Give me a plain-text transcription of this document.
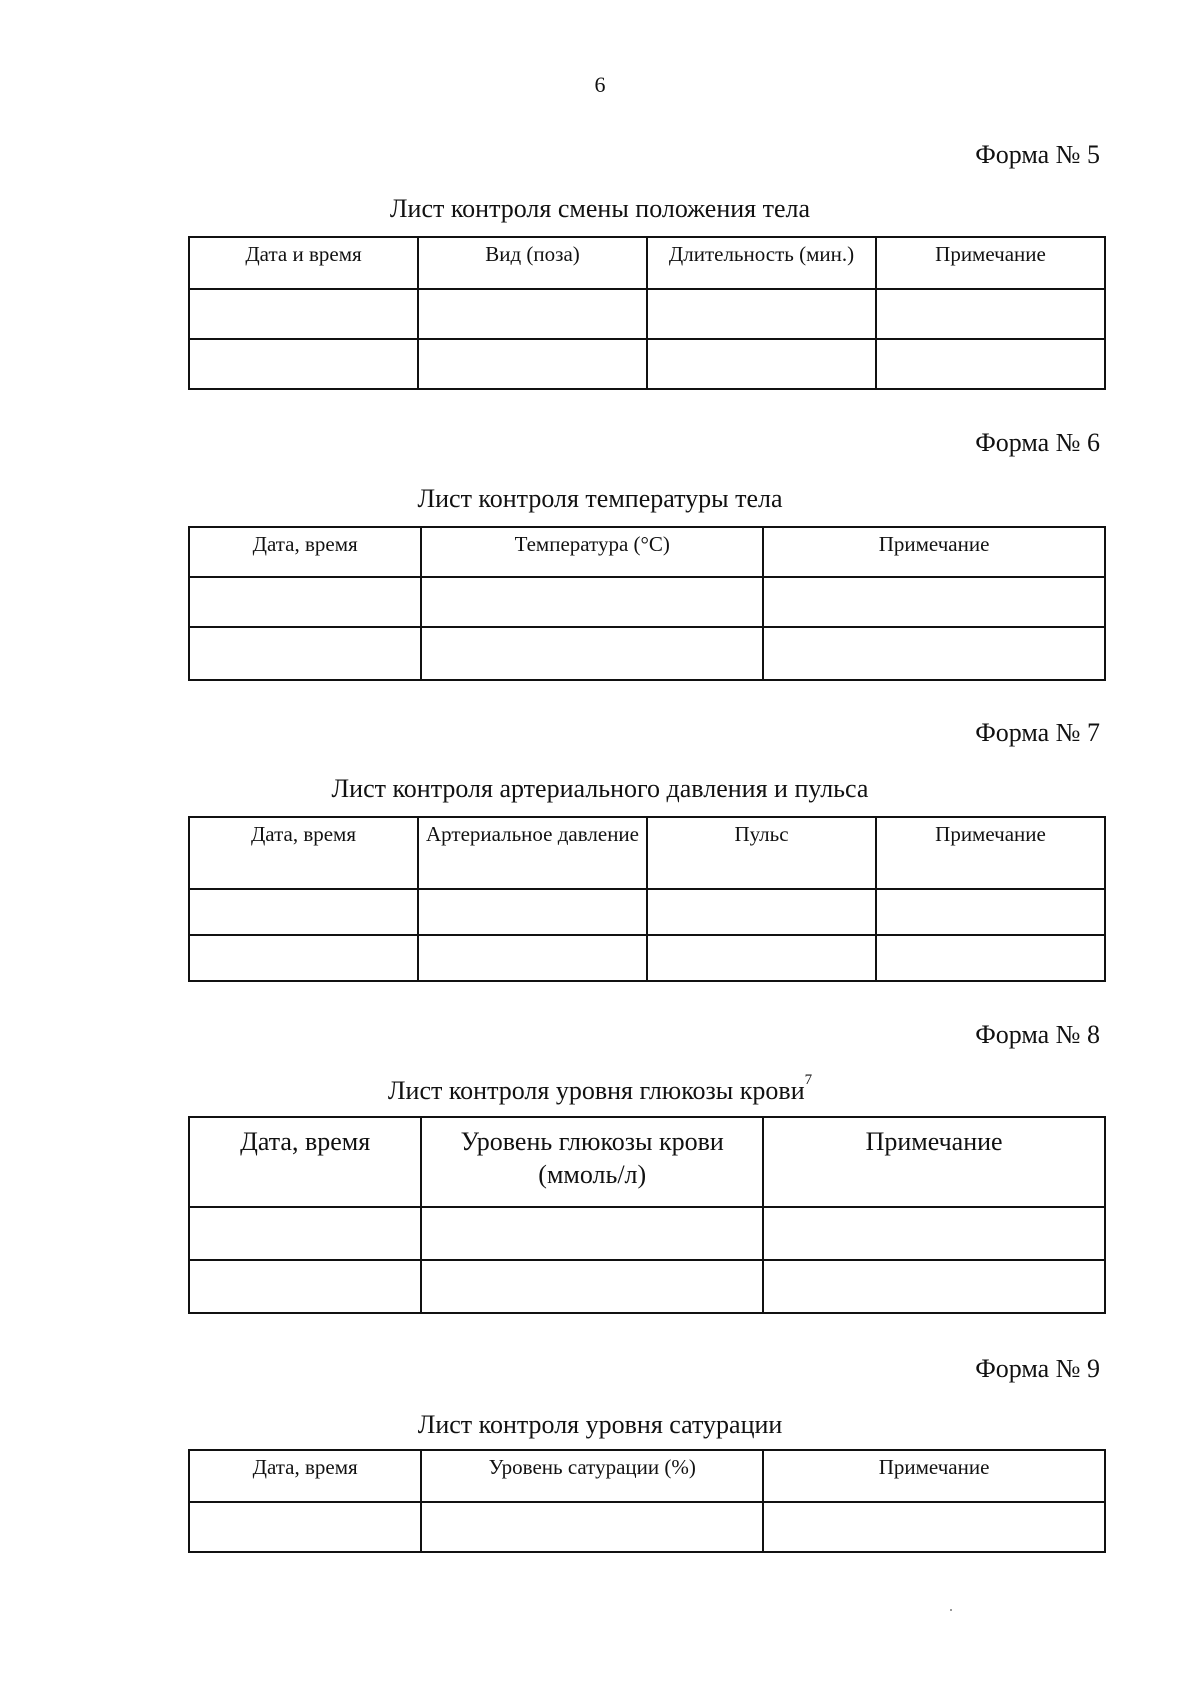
6
Форма № 5
Лист контроля смены положения тела
Дата и время	Вид (поза)	Длительность (мин.)	Примечание

Форма № 6
Лист контроля температуры тела
Дата, время	Температура (°С)	Примечание

Форма № 7
Лист контроля артериального давления и пульса
Дата, время	Артериальное давление	Пульс	Примечание

Форма № 8
Лист контроля уровня глюкозы крови$^7$
Дата, время	Уровень глюкозы крови (ммоль/л)	Примечание

Форма № 9
Лист контроля уровня сатурации
Дата, время	Уровень сатурации (%)	Примечание
